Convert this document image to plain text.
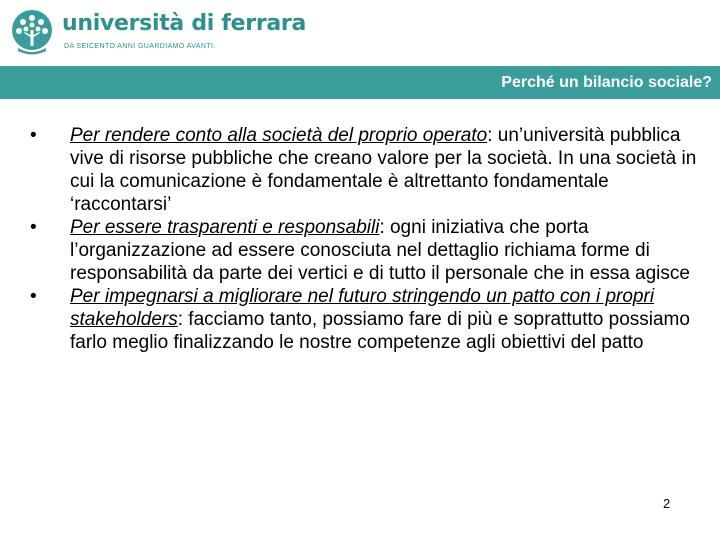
università di ferrara
DA SEICENTO ANNI GUARDIAMO AVANTI.
Perché un bilancio sociale?
•	Per rendere conto alla società del proprio operato: un’università pubblica vive di risorse pubbliche che creano valore per la società. In una società in cui la comunicazione è fondamentale è altrettanto fondamentale ‘raccontarsi’
•	Per essere trasparenti e responsabili: ogni iniziativa che porta l’organizzazione ad essere conosciuta nel dettaglio richiama forme di responsabilità da parte dei vertici e di tutto il personale che in essa agisce
•	Per impegnarsi a migliorare nel futuro stringendo un patto con i propri stakeholders: facciamo tanto, possiamo fare di più e soprattutto possiamo farlo meglio finalizzando le nostre competenze agli obiettivi del patto
2
